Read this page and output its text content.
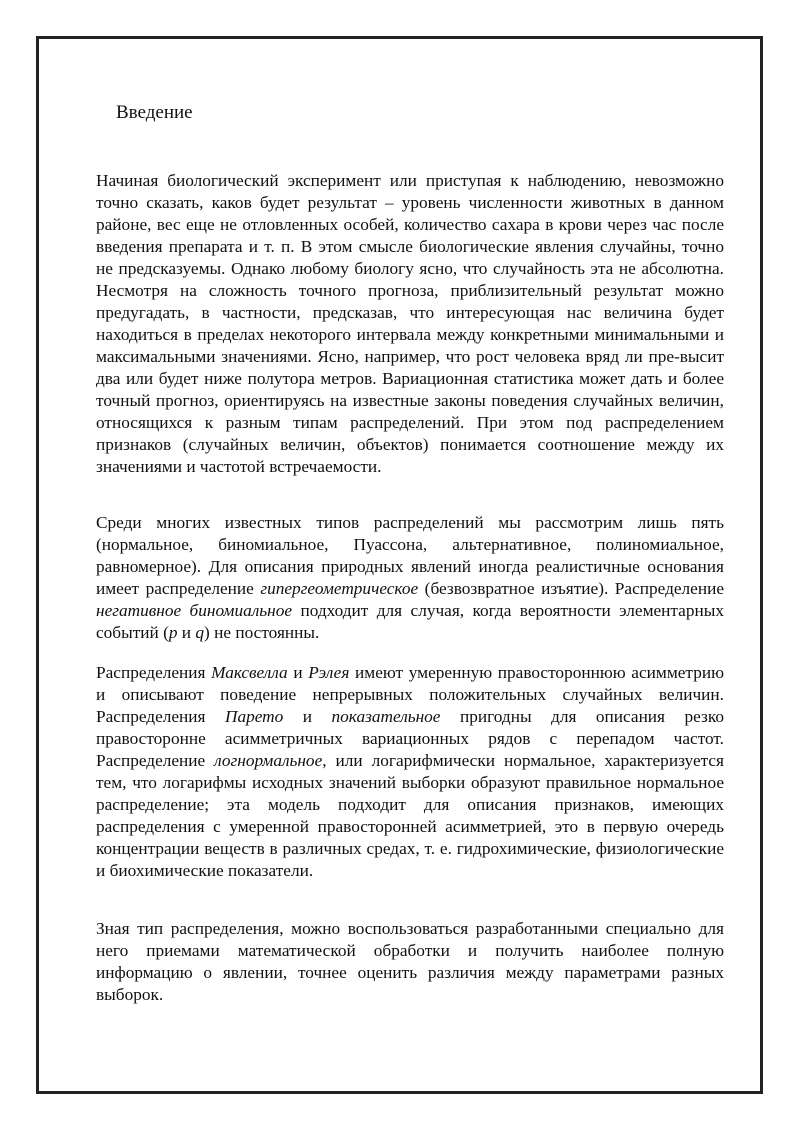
Введение

Начиная биологический эксперимент или приступая к наблюдению, невозможно точно сказать, каков будет результат – уровень численности животных в данном районе, вес еще не отловленных особей, количество сахара в крови через час после введения препарата и т. п. В этом смысле биологические явления случайны, точно не предсказуемы. Однако любому биологу ясно, что случайность эта не абсолютна. Несмотря на сложность точного прогноза, приблизительный результат можно предугадать, в частности, предсказав, что интересующая нас величина будет находиться в пределах некоторого интервала между конкретными минимальными и максимальными значениями. Ясно, например, что рост человека вряд ли пре-высит два или будет ниже полутора метров. Вариационная статистика может дать и более точный прогноз, ориентируясь на известные законы поведения случайных величин, относящихся к разным типам распределений. При этом под распределением признаков (случайных величин, объектов) понимается соотношение между их значениями и частотой встречаемости.

Среди многих известных типов распределений мы рассмотрим лишь пять (нормальное, биномиальное, Пуассона, альтернативное, полиномиальное, равномерное). Для описания природных явлений иногда реалистичные основания имеет распределение гипергеометрическое (безвозвратное изъятие). Распределение негативное биномиальное подходит для случая, когда вероятности элементарных событий (p и q) не постоянны.

Распределения Максвелла и Рэлея имеют умеренную правостороннюю асимметрию и описывают поведение непрерывных положительных случайных величин. Распределения Парето и показательное пригодны для описания резко правосторонне асимметричных вариационных рядов с перепадом частот. Распределение логнормальное, или логарифмически нормальное, характеризуется тем, что логарифмы исходных значений выборки образуют правильное нормальное распределение; эта модель подходит для описания признаков, имеющих распределения с умеренной правосторонней асимметрией, это в первую очередь концентрации веществ в различных средах, т. е. гидрохимические, физиологические и биохимические показатели.

Зная тип распределения, можно воспользоваться разработанными специально для него приемами математической обработки и получить наиболее полную информацию о явлении, точнее оценить различия между параметрами разных выборок.
